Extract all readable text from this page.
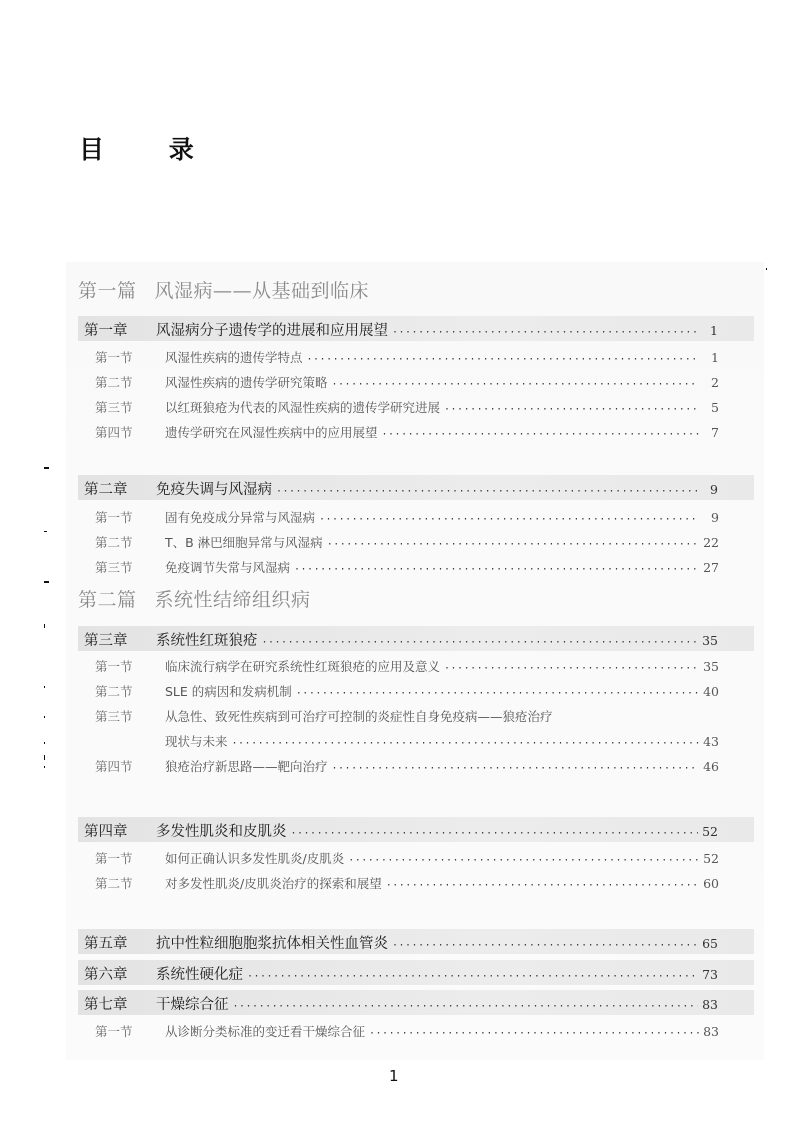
目 录
第一篇 风湿病——从基础到临床
第一章	风湿病分子遗传学的进展和应用展望 ·····	1
第一节	风湿性疾病的遗传学特点 ·····	1
第二节	风湿性疾病的遗传学研究策略 ·····	2
第三节	以红斑狼疮为代表的风湿性疾病的遗传学研究进展 ·····	5
第四节	遗传学研究在风湿性疾病中的应用展望 ·····	7
第二章	免疫失调与风湿病 ·····	9
第一节	固有免疫成分异常与风湿病 ·····	9
第二节	T、B 淋巴细胞异常与风湿病 ·····	22
第三节	免疫调节失常与风湿病 ·····	27
第二篇 系统性结缔组织病
第三章	系统性红斑狼疮 ·····	35
第一节	临床流行病学在研究系统性红斑狼疮的应用及意义 ·····	35
第二节	SLE 的病因和发病机制 ·····	40
第三节	从急性、致死性疾病到可治疗可控制的炎症性自身免疫病——狼疮治疗
现状与未来 ·····	43
第四节	狼疮治疗新思路——靶向治疗 ·····	46
第四章	多发性肌炎和皮肌炎 ·····	52
第一节	如何正确认识多发性肌炎/皮肌炎 ·····	52
第二节	对多发性肌炎/皮肌炎治疗的探索和展望 ·····	60
第五章	抗中性粒细胞胞浆抗体相关性血管炎 ·····	65
第六章	系统性硬化症 ·····	73
第七章	干燥综合征 ·····	83
第一节	从诊断分类标准的变迁看干燥综合征 ·····	83
1
